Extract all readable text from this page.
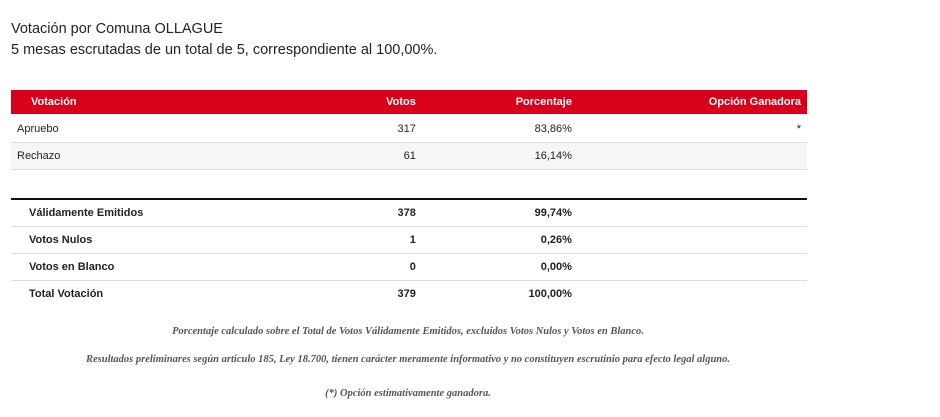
Votación por Comuna OLLAGUE
5 mesas escrutadas de un total de 5, correspondiente al 100,00%.
Votación	Votos	Porcentaje	Opción Ganadora
Apruebo	317	83,86%	*
Rechazo	61	16,14%	

Válidamente Emitidos	378	99,74%	
Votos Nulos	1	0,26%	
Votos en Blanco	0	0,00%	
Total Votación	379	100,00%	
Porcentaje calculado sobre el Total de Votos Válidamente Emitidos, excluidos Votos Nulos y Votos en Blanco.
Resultados preliminares según artículo 185, Ley 18.700, tienen carácter meramente informativo y no constituyen escrutinio para efecto legal alguno.
(*) Opción estimativamente ganadora.
